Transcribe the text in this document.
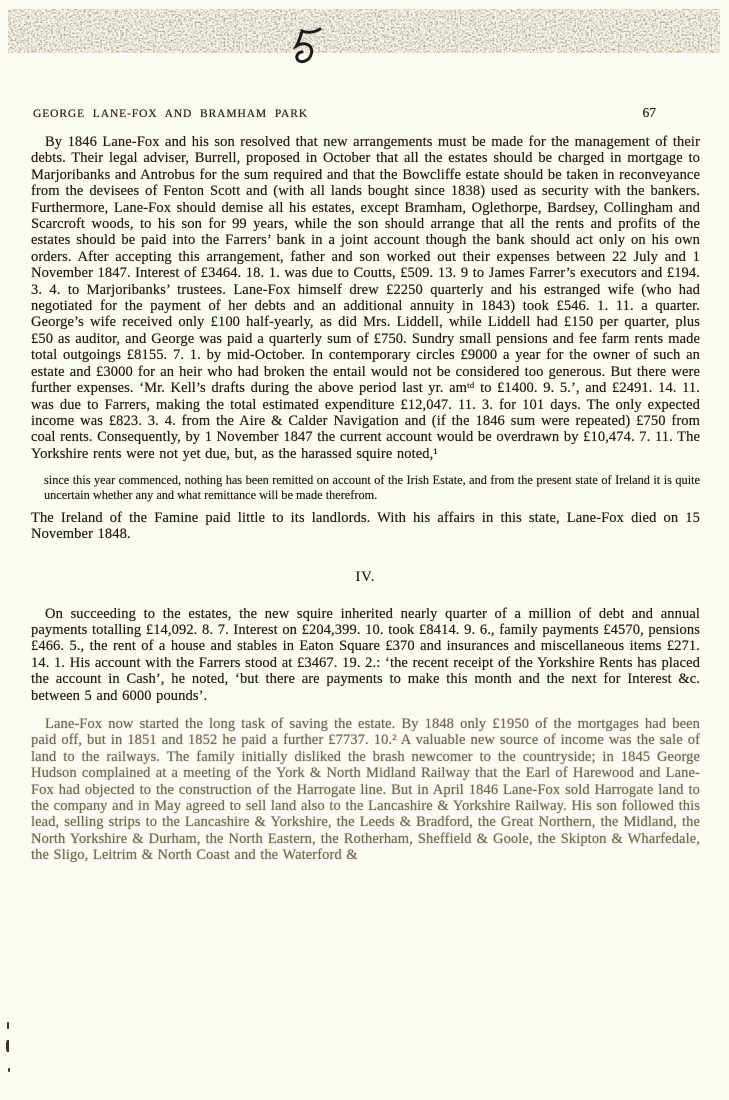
GEORGE LANE-FOX AND BRAMHAM PARK	67

By 1846 Lane-Fox and his son resolved that new arrangements must be made for the management of their debts. Their legal adviser, Burrell, proposed in October that all the estates should be charged in mortgage to Marjoribanks and Antrobus for the sum required and that the Bowcliffe estate should be taken in reconveyance from the devisees of Fenton Scott and (with all lands bought since 1838) used as security with the bankers. Furthermore, Lane-Fox should demise all his estates, except Bramham, Oglethorpe, Bardsey, Collingham and Scarcroft woods, to his son for 99 years, while the son should arrange that all the rents and profits of the estates should be paid into the Farrers’ bank in a joint account though the bank should act only on his own orders. After accepting this arrangement, father and son worked out their expenses between 22 July and 1 November 1847. Interest of £3464. 18. 1. was due to Coutts, £509. 13. 9 to James Farrer’s executors and £194. 3. 4. to Marjoribanks’ trustees. Lane-Fox himself drew £2250 quarterly and his estranged wife (who had negotiated for the payment of her debts and an additional annuity in 1843) took £546. 1. 11. a quarter. George’s wife received only £100 half-yearly, as did Mrs. Liddell, while Liddell had £150 per quarter, plus £50 as auditor, and George was paid a quarterly sum of £750. Sundry small pensions and fee farm rents made total outgoings £8155. 7. 1. by mid-October. In contemporary circles £9000 a year for the owner of such an estate and £3000 for an heir who had broken the entail would not be considered too generous. But there were further expenses. ‘Mr. Kell’s drafts during the above period last yr. amᵗᵈ to £1400. 9. 5.’, and £2491. 14. 11. was due to Farrers, making the total estimated expenditure £12,047. 11. 3. for 101 days. The only expected income was £823. 3. 4. from the Aire & Calder Navigation and (if the 1846 sum were repeated) £750 from coal rents. Consequently, by 1 November 1847 the current account would be overdrawn by £10,474. 7. 11. The Yorkshire rents were not yet due, but, as the harassed squire noted,¹

since this year commenced, nothing has been remitted on account of the Irish Estate, and from the present state of Ireland it is quite uncertain whether any and what remittance will be made therefrom.

The Ireland of the Famine paid little to its landlords. With his affairs in this state, Lane-Fox died on 15 November 1848.

IV.

On succeeding to the estates, the new squire inherited nearly quarter of a million of debt and annual payments totalling £14,092. 8. 7. Interest on £204,399. 10. took £8414. 9. 6., family payments £4570, pensions £466. 5., the rent of a house and stables in Eaton Square £370 and insurances and miscellaneous items £271. 14. 1. His account with the Farrers stood at £3467. 19. 2.: ‘the recent receipt of the Yorkshire Rents has placed the account in Cash’, he noted, ‘but there are payments to make this month and the next for Interest &c. between 5 and 6000 pounds’.

Lane-Fox now started the long task of saving the estate. By 1848 only £1950 of the mortgages had been paid off, but in 1851 and 1852 he paid a further £7737. 10.² A valuable new source of income was the sale of land to the railways. The family initially disliked the brash newcomer to the countryside; in 1845 George Hudson complained at a meeting of the York & North Midland Railway that the Earl of Harewood and Lane-Fox had objected to the construction of the Harrogate line. But in April 1846 Lane-Fox sold Harrogate land to the company and in May agreed to sell land also to the Lancashire & Yorkshire Railway. His son followed this lead, selling strips to the Lancashire & Yorkshire, the Leeds & Bradford, the Great Northern, the Midland, the North Yorkshire & Durham, the North Eastern, the Rotherham, Sheffield & Goole, the Skipton & Wharfedale, the Sligo, Leitrim & North Coast and the Waterford &
